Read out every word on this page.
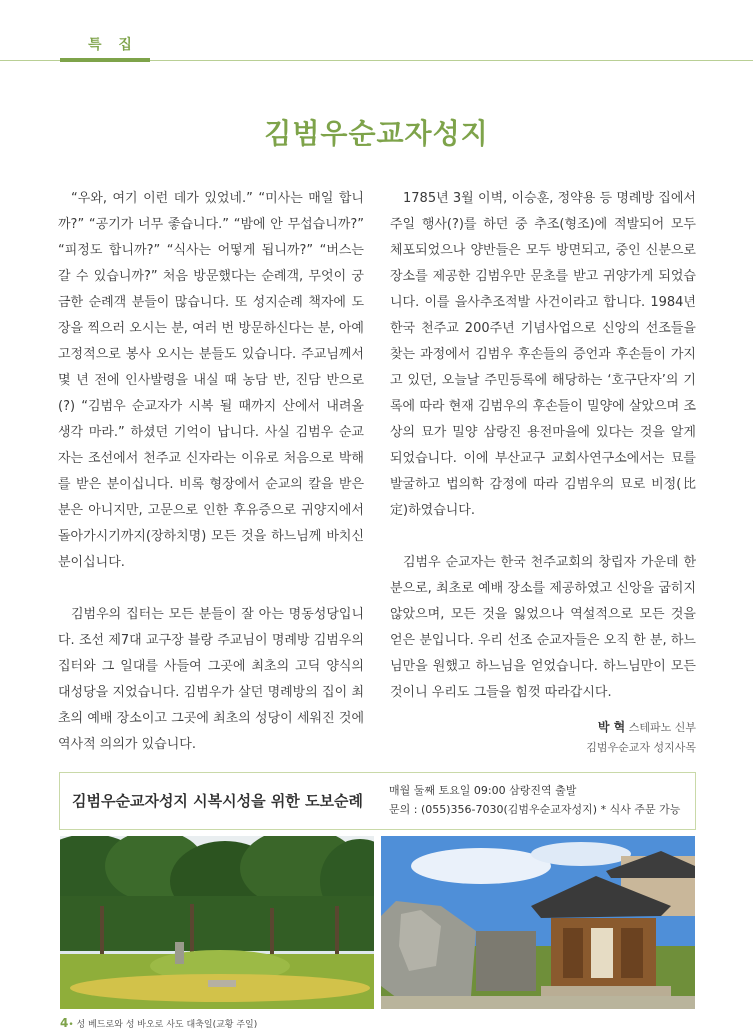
특 집
김범우순교자성지

“우와, 여기 이런 데가 있었네.” “미사는 매일 합니까?” “공기가 너무 좋습니다.” “밤에 안 무섭습니까?” “피정도 합니까?” “식사는 어떻게 됩니까?” “버스는 갈 수 있습니까?” 처음 방문했다는 순례객, 무엇이 궁금한 순례객 분들이 많습니다. 또 성지순례 책자에 도장을 찍으러 오시는 분, 여러 번 방문하신다는 분, 아예 고정적으로 봉사 오시는 분들도 있습니다. 주교님께서 몇 년 전에 인사발령을 내실 때 농담 반, 진담 반으로(?) “김범우 순교자가 시복 될 때까지 산에서 내려올 생각 마라.” 하셨던 기억이 납니다. 사실 김범우 순교자는 조선에서 천주교 신자라는 이유로 처음으로 박해를 받은 분이십니다. 비록 형장에서 순교의 칼을 받은 분은 아니지만, 고문으로 인한 후유증으로 귀양지에서 돌아가시기까지(장하치명) 모든 것을 하느님께 바치신 분이십니다.

김범우의 집터는 모든 분들이 잘 아는 명동성당입니다. 조선 제7대 교구장 블랑 주교님이 명례방 김범우의 집터와 그 일대를 사들여 그곳에 최초의 고딕 양식의 대성당을 지었습니다. 김범우가 살던 명례방의 집이 최초의 예배 장소이고 그곳에 최초의 성당이 세워진 것에 역사적 의의가 있습니다.

1785년 3월 이벽, 이승훈, 정약용 등 명례방 집에서 주일 행사(?)를 하던 중 추조(형조)에 적발되어 모두 체포되었으나 양반들은 모두 방면되고, 중인 신분으로 장소를 제공한 김범우만 문초를 받고 귀양가게 되었습니다. 이를 을사추조적발 사건이라고 합니다. 1984년 한국 천주교 200주년 기념사업으로 신앙의 선조들을 찾는 과정에서 김범우 후손들의 증언과 후손들이 가지고 있던, 오늘날 주민등록에 해당하는 ‘호구단자’의 기록에 따라 현재 김범우의 후손들이 밀양에 살았으며 조상의 묘가 밀양 삼랑진 용전마을에 있다는 것을 알게 되었습니다. 이에 부산교구 교회사연구소에서는 묘를 발굴하고 법의학 감정에 따라 김범우의 묘로 비정(比定)하였습니다.

김범우 순교자는 한국 천주교회의 창립자 가운데 한분으로, 최초로 예배 장소를 제공하였고 신앙을 굽히지 않았으며, 모든 것을 잃었으나 역설적으로 모든 것을 얻은 분입니다. 우리 선조 순교자들은 오직 한 분, 하느님만을 원했고 하느님을 얻었습니다. 하느님만이 모든 것이니 우리도 그들을 힘껏 따라갑시다.

박 혁 스테파노 신부
김범우순교자 성지사목
김범우순교자성지 시복시성을 위한 도보순례
매월 둘째 토요일 09:00 삼랑진역 출발
문의 : (055)356-7030(김범우순교자성지) * 식사 주문 가능
4• 성 베드로와 성 바오로 사도 대축일(교황 주일)
